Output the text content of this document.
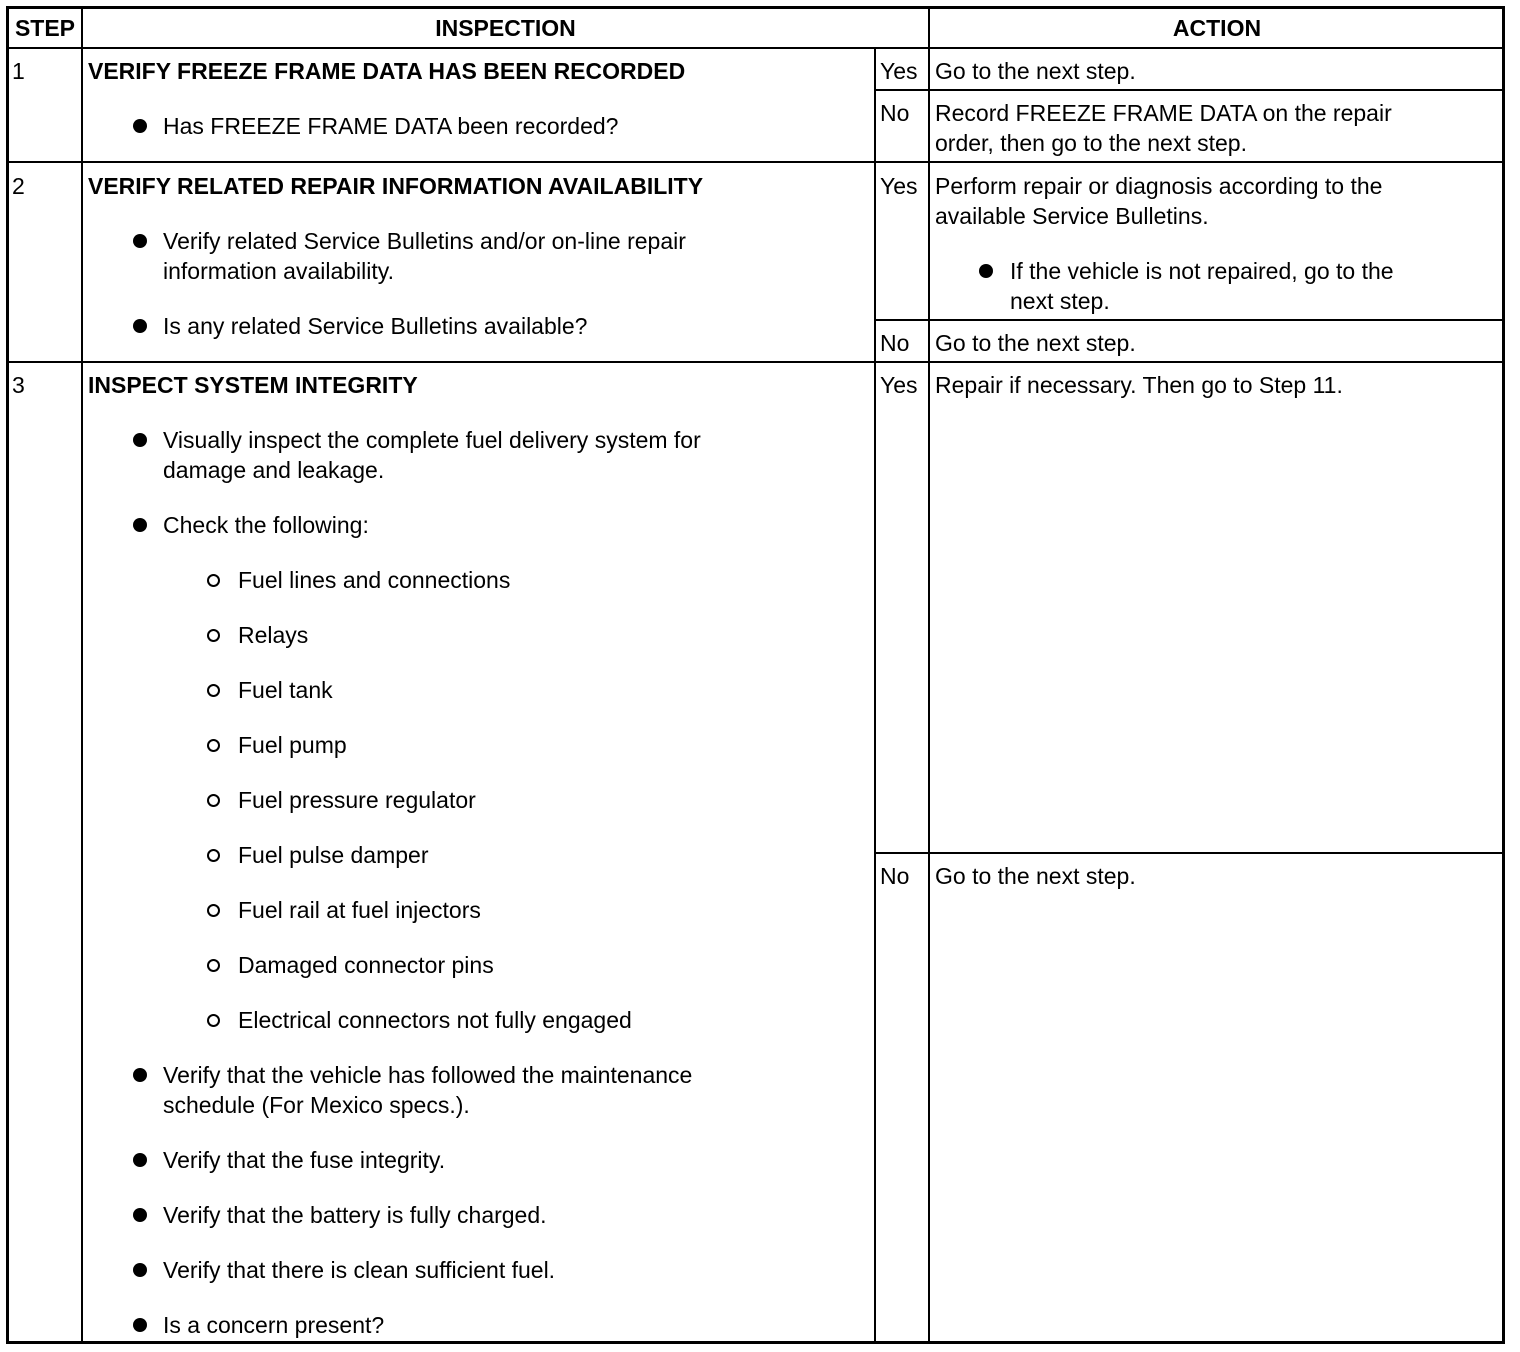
STEP	INSPECTION	ACTION
1	VERIFY FREEZE FRAME DATA HAS BEEN RECORDED
Has FREEZE FRAME DATA been recorded?
Yes Go to the next step.
No Record FREEZE FRAME DATA on the repair
order, then go to the next step.
2	VERIFY RELATED REPAIR INFORMATION AVAILABILITY
Verify related Service Bulletins and/or on-line repair
information availability.
Is any related Service Bulletins available?
Yes Perform repair or diagnosis according to the
available Service Bulletins.
If the vehicle is not repaired, go to the
next step.
No Go to the next step.
3	INSPECT SYSTEM INTEGRITY
Visually inspect the complete fuel delivery system for
damage and leakage.
Check the following:
Fuel lines and connections
Relays
Fuel tank
Fuel pump
Fuel pressure regulator
Fuel pulse damper
Fuel rail at fuel injectors
Damaged connector pins
Electrical connectors not fully engaged
Verify that the vehicle has followed the maintenance
schedule (For Mexico specs.).
Verify that the fuse integrity.
Verify that the battery is fully charged.
Verify that there is clean sufficient fuel.
Is a concern present?
Yes Repair if necessary. Then go to Step 11.
No Go to the next step.
